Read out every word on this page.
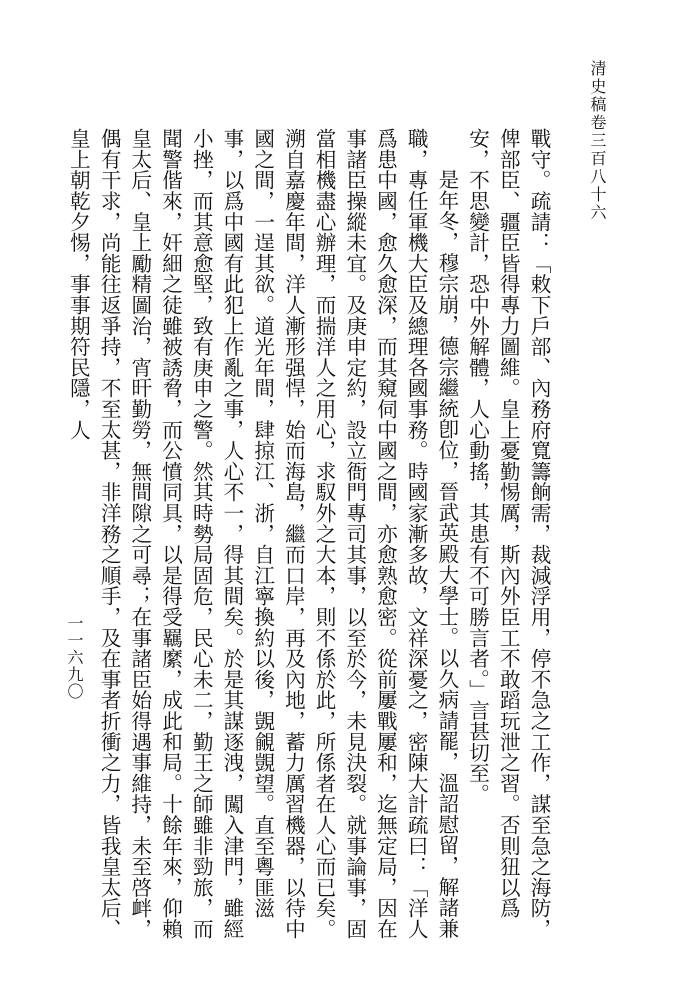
清史稿卷三百八十六
一一六九〇	戰守。疏請：「敕下戶部、內務府寬籌餉需，裁減浮用，停不急之工作，謀至急之海防，俾部臣、疆臣皆得專力圖維。皇上憂勤惕厲，斯內外臣工不敢蹈玩泄之習。否則狃以爲安，不思變計，恐中外解體，人心動搖，其患有不可勝言者。」言甚切至。

是年冬，穆宗崩，德宗繼統卽位，晉武英殿大學士。以久病請罷，溫詔慰留，解諸兼職，專任軍機大臣及總理各國事務。時國家漸多故，文祥深憂之，密陳大計疏曰：「洋人爲患中國，愈久愈深，而其窺伺中國之間，亦愈熟愈密。從前屢戰屢和，迄無定局，因在事諸臣操縱未宜。及庚申定約，設立衙門專司其事，以至於今，未見決裂。就事論事，固當相機盡心辦理，而揣洋人之用心，求馭外之大本，則不係於此，所係者在人心而已矣。溯自嘉慶年間，洋人漸形强悍，始而海島，繼而口岸，再及內地，蓄力厲習機器，以待中國之間，一逞其欲。道光年間，肆掠江、浙，自江寧換約以後，覬覦覬望。直至粵匪滋事，以爲中國有此犯上作亂之事，人心不一，得其間矣。於是其謀逐洩，闖入津門，雖經小挫，而其意愈堅，致有庚申之警。然其時勢局固危，民心未二，勤王之師雖非勁旅，而聞警偕來，奸細之徒雖被誘脅，而公憤同具，以是得受羈縻，成此和局。十餘年來，仰賴皇太后、皇上勵精圖治，宵旰勤勞，無間隙之可尋；在事諸臣始得遇事維持，未至啓衅，偶有干求，尚能往返爭持，不至太甚，非洋務之順手，及在事者折衝之力，皆我皇太后、皇上朝乾夕惕，事事期符民隱，人
